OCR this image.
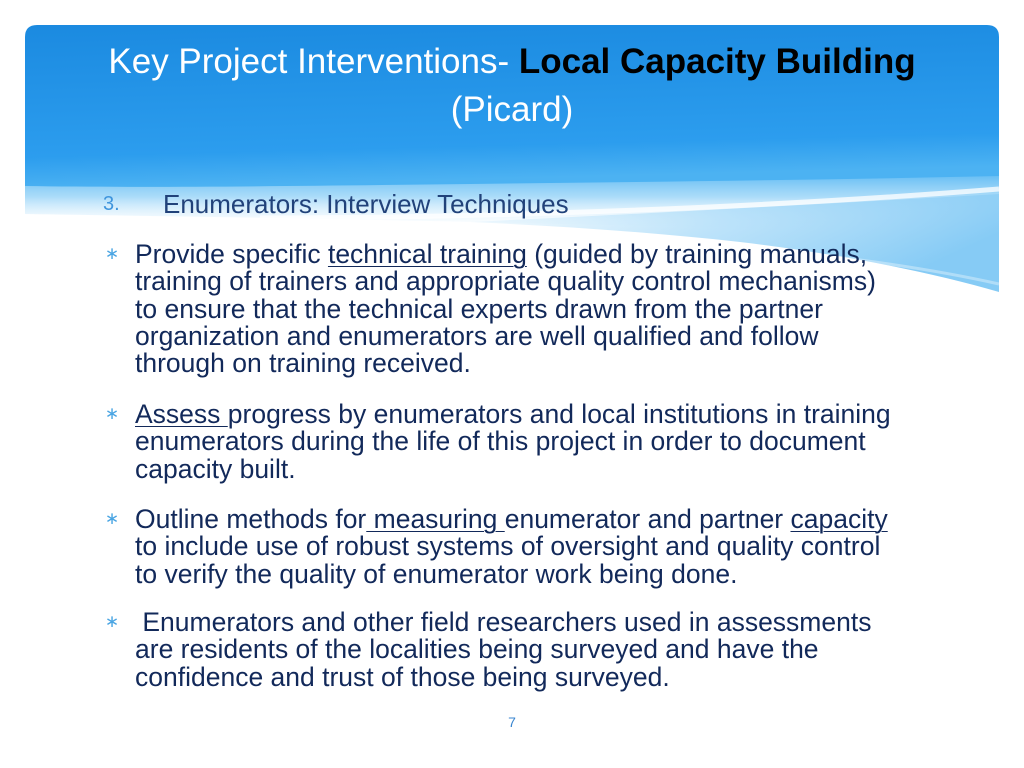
Key Project Interventions- Local Capacity Building
(Picard)
3. Enumerators: Interview Techniques
∗
Provide specific technical training (guided by training manuals,
training of trainers and appropriate quality control mechanisms)
to ensure that the technical experts drawn from the partner
organization and enumerators are well qualified and follow
through on training received.
∗
Assess progress by enumerators and local institutions in training
enumerators during the life of this project in order to document
capacity built.
∗
Outline methods for measuring enumerator and partner capacity
to include use of robust systems of oversight and quality control
to verify the quality of enumerator work being done.
∗
Enumerators and other field researchers used in assessments
are residents of the localities being surveyed and have the
confidence and trust of those being surveyed.
7
